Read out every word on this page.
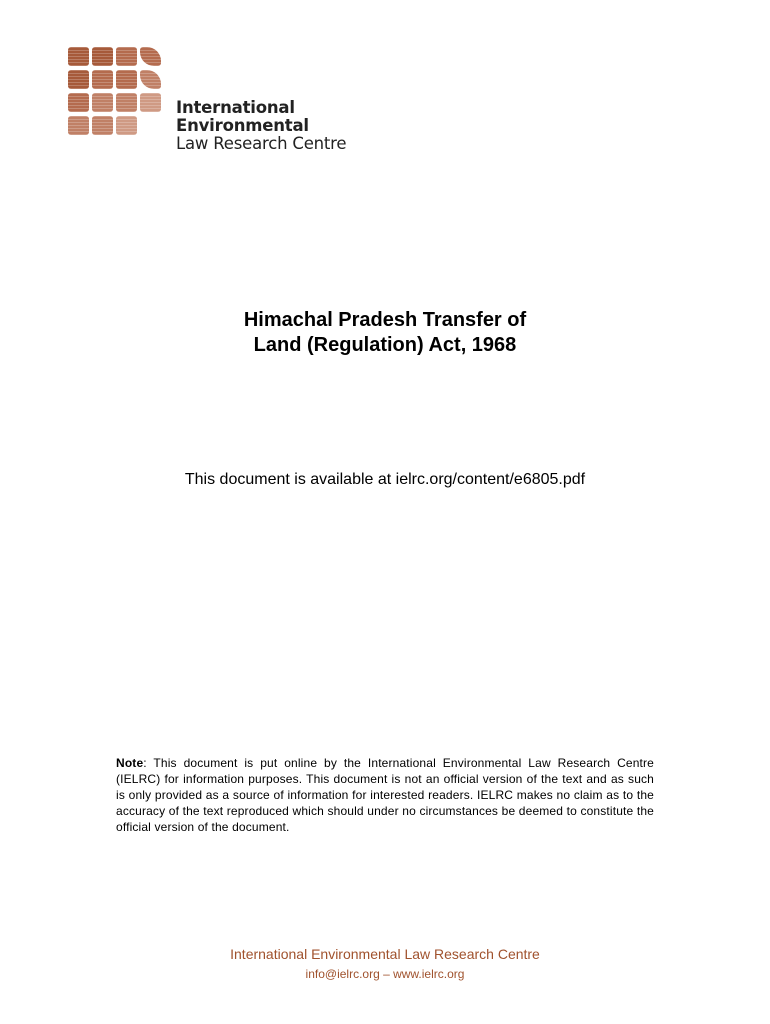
International Environmental
Law Research Centre
Himachal Pradesh Transfer of
Land (Regulation) Act, 1968
This document is available at ielrc.org/content/e6805.pdf
Note: This document is put online by the International Environmental Law Research Centre (IELRC) for information purposes. This document is not an official version of the text and as such is only provided as a source of information for interested readers. IELRC makes no claim as to the accuracy of the text reproduced which should under no circumstances be deemed to constitute the official version of the document.
International Environmental Law Research Centre
info@ielrc.org – www.ielrc.org
